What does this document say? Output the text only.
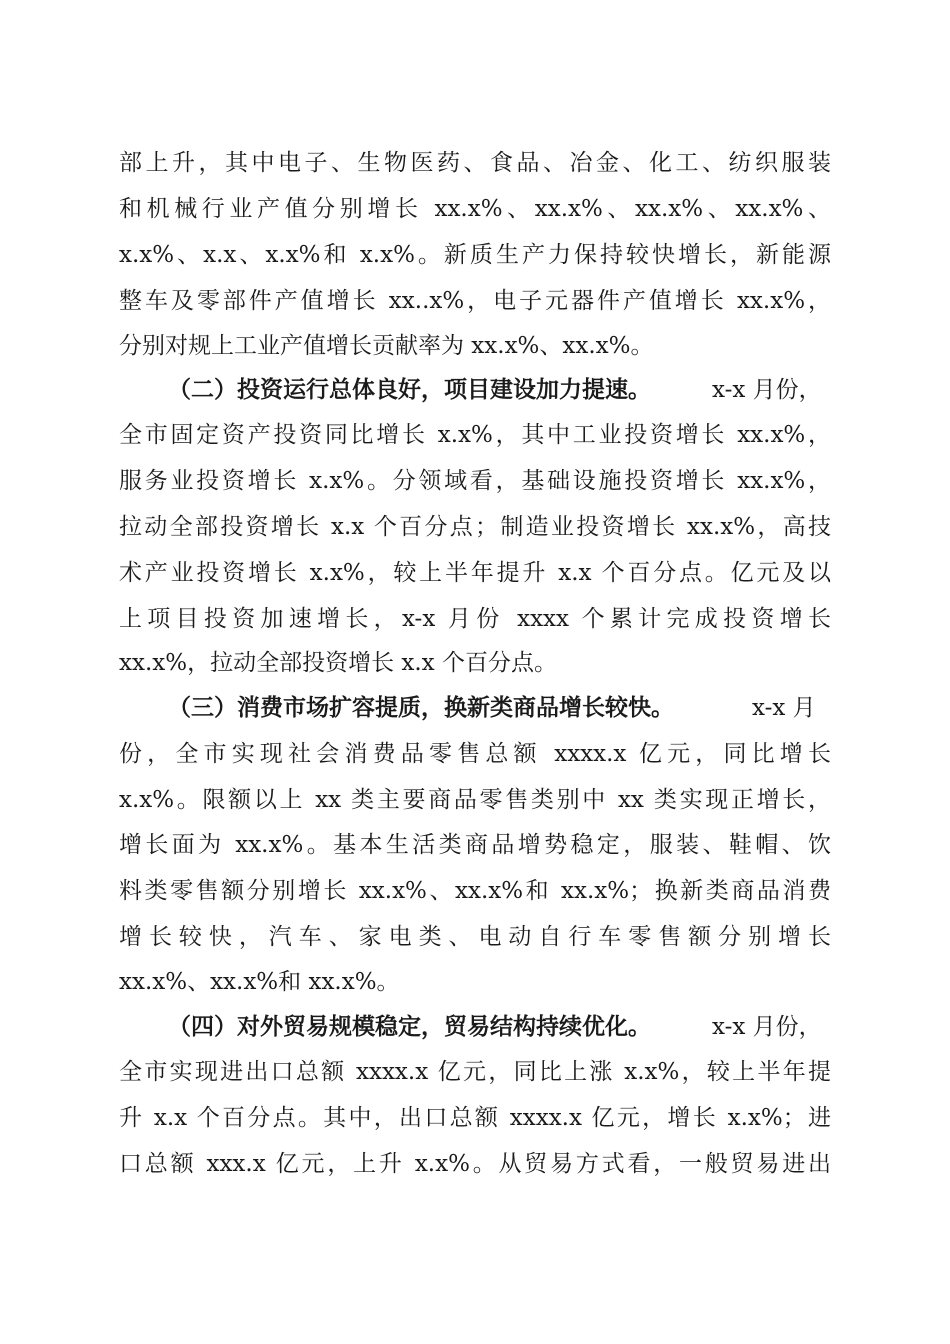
部上升，其中电子、生物医药、食品、冶金、化工、纺织服装
和机械行业产值分别增长 xx.x%、xx.x%、xx.x%、xx.x%、
x.x%、x.x、x.x%和 x.x%。新质生产力保持较快增长，新能源
整车及零部件产值增长 xx..x%，电子元器件产值增长 xx.x%，
分别对规上工业产值增长贡献率为 xx.x%、xx.x%。
（二）投资运行总体良好，项目建设加力提速。	x-x 月份，
全市固定资产投资同比增长 x.x%，其中工业投资增长 xx.x%，
服务业投资增长 x.x%。分领域看，基础设施投资增长 xx.x%，
拉动全部投资增长 x.x 个百分点；制造业投资增长 xx.x%，高技
术产业投资增长 x.x%，较上半年提升 x.x 个百分点。亿元及以
上项目投资加速增长，x-x 月份 xxxx 个累计完成投资增长
xx.x%，拉动全部投资增长 x.x 个百分点。
（三）消费市场扩容提质，换新类商品增长较快。	x-x 月
份，全市实现社会消费品零售总额 xxxx.x 亿元，同比增长
x.x%。限额以上 xx 类主要商品零售类别中 xx 类实现正增长，
增长面为 xx.x%。基本生活类商品增势稳定，服装、鞋帽、饮
料类零售额分别增长 xx.x%、xx.x%和 xx.x%；换新类商品消费
增长较快，汽车、家电类、电动自行车零售额分别增长
xx.x%、xx.x%和 xx.x%。
（四）对外贸易规模稳定，贸易结构持续优化。	x-x 月份，
全市实现进出口总额 xxxx.x 亿元，同比上涨 x.x%，较上半年提
升 x.x 个百分点。其中，出口总额 xxxx.x 亿元，增长 x.x%；进
口总额 xxx.x 亿元，上升 x.x%。从贸易方式看，一般贸易进出
